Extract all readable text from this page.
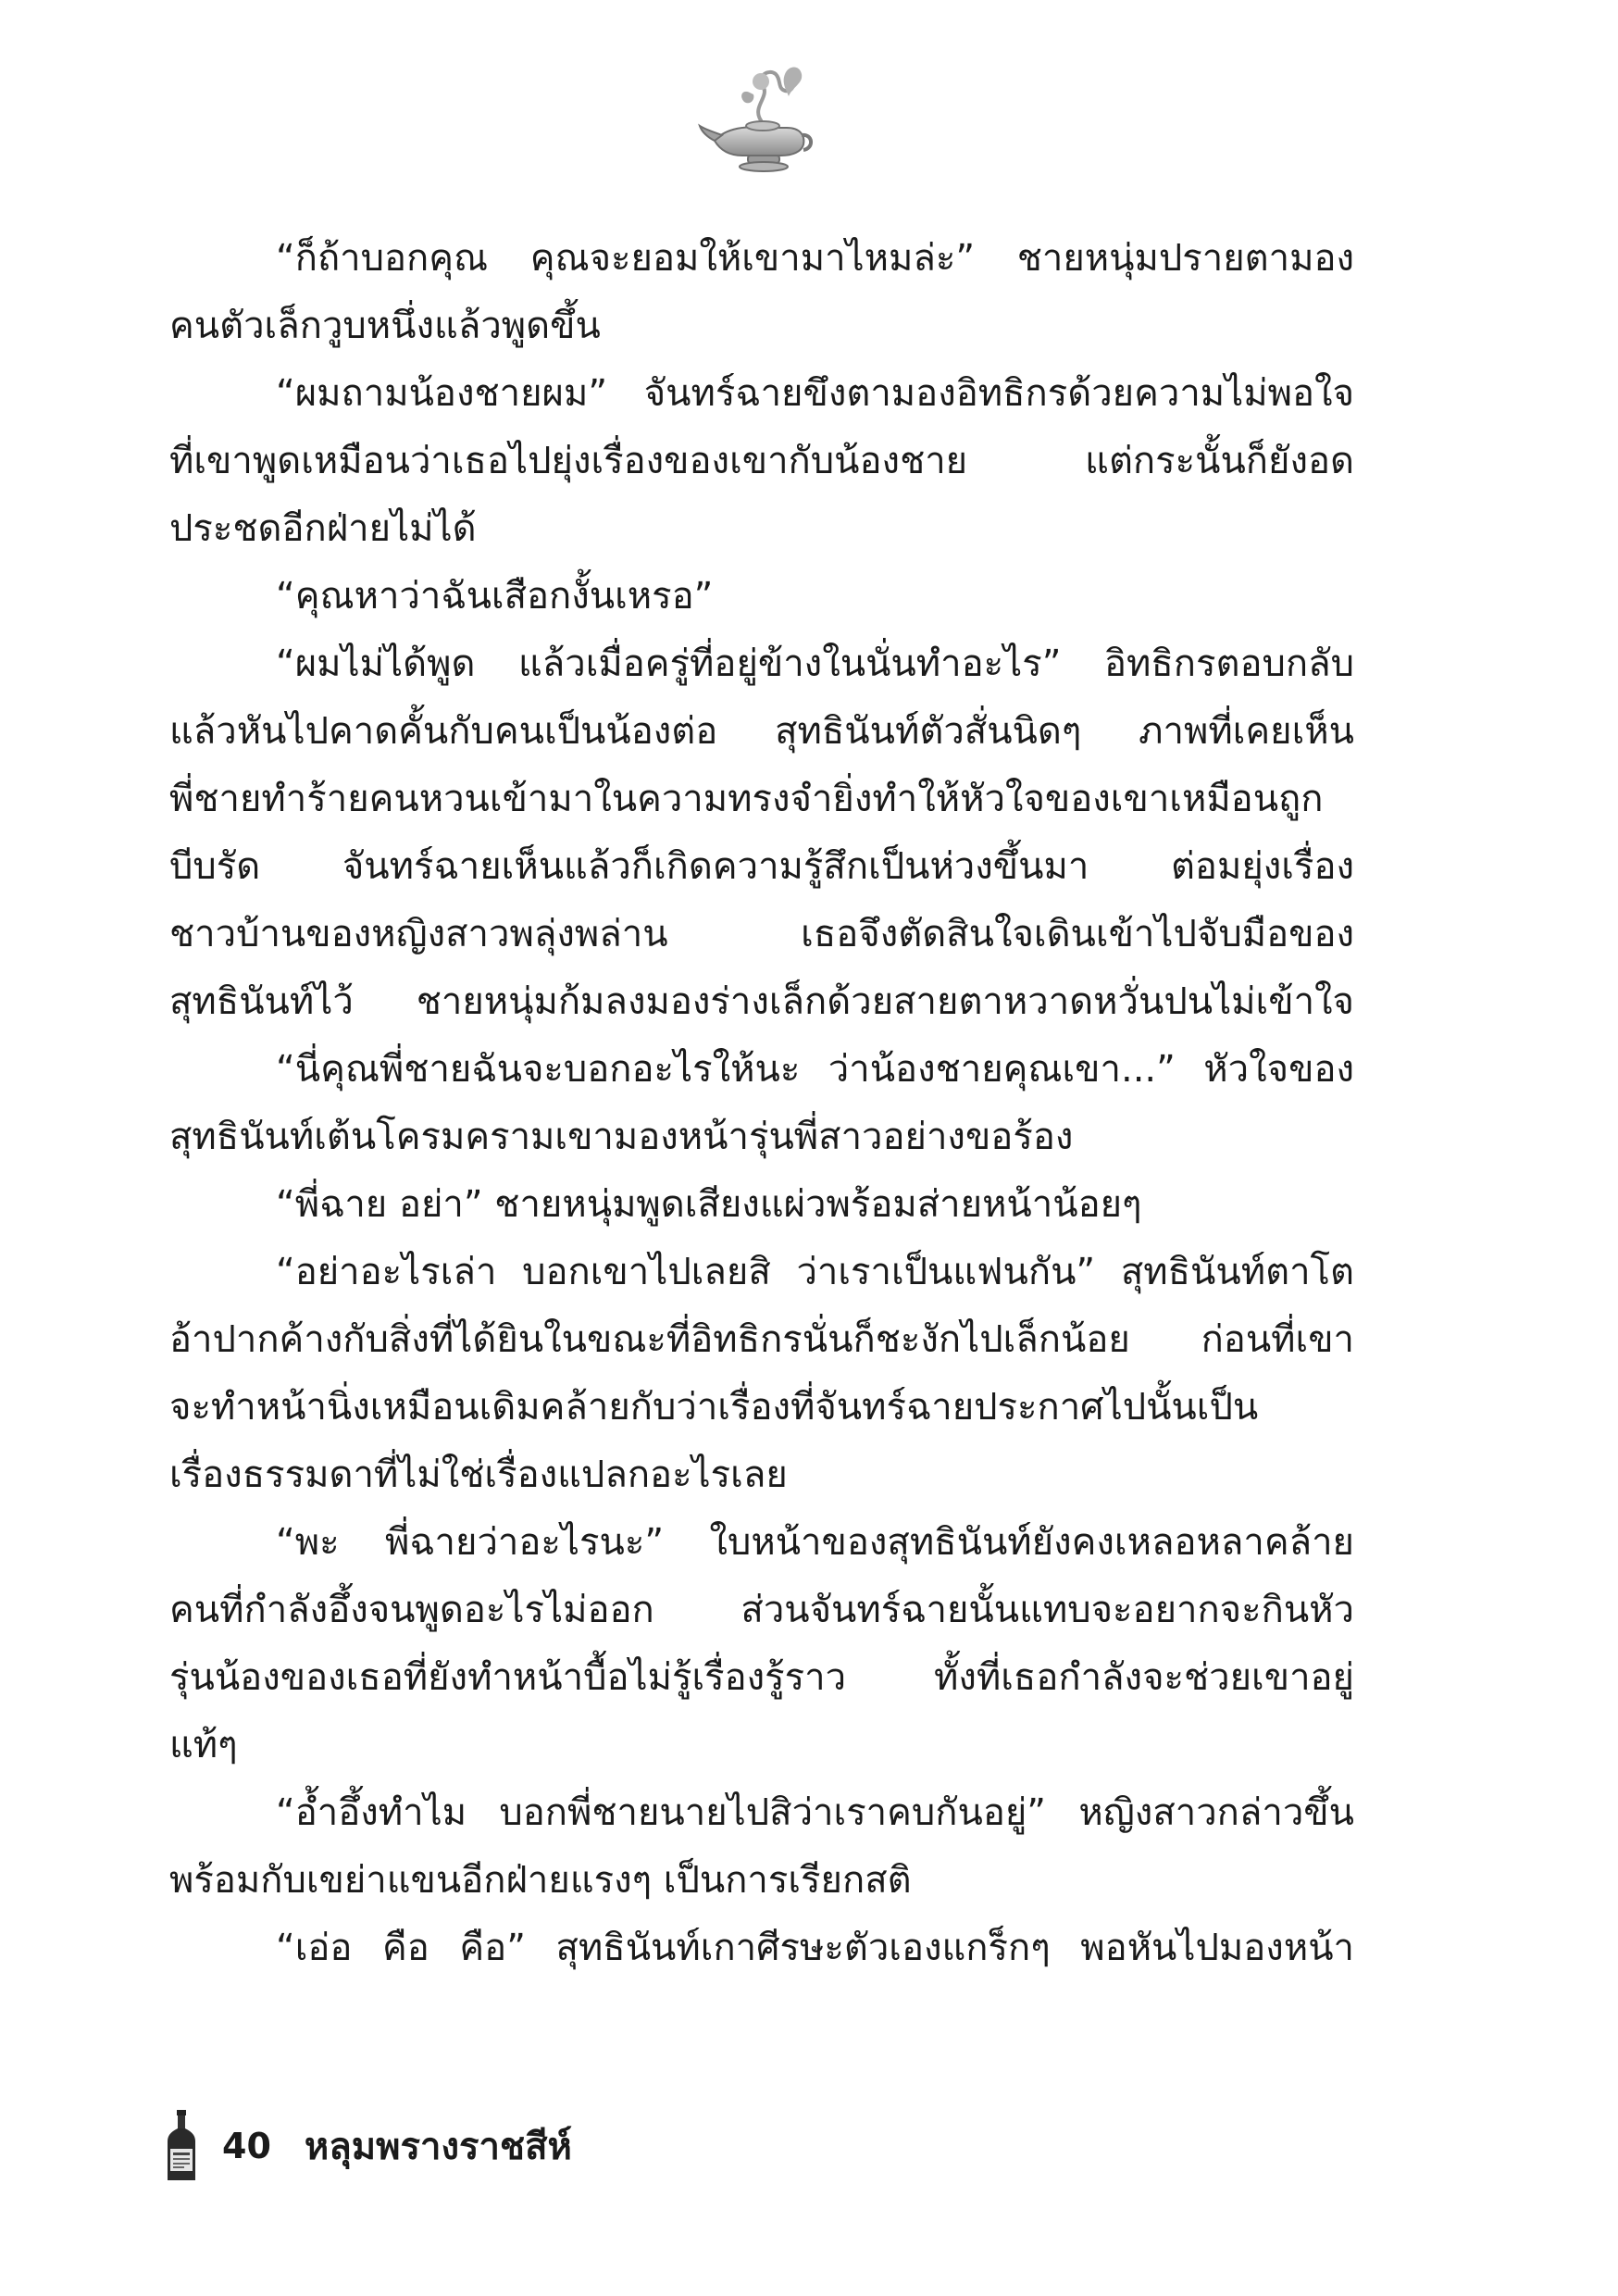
“ก็ถ้าบอกคุณ คุณจะยอมให้เขามาไหมล่ะ” ชายหนุ่มปรายตามอง
คนตัวเล็กวูบหนึ่งแล้วพูดขึ้น
“ผมถามน้องชายผม” จันทร์ฉายขึงตามองอิทธิกรด้วยความไม่พอใจ
ที่เขาพูดเหมือนว่าเธอไปยุ่งเรื่องของเขากับน้องชาย แต่กระนั้นก็ยังอด
ประชดอีกฝ่ายไม่ได้
“คุณหาว่าฉันเสือกงั้นเหรอ”
“ผมไม่ได้พูด แล้วเมื่อครู่ที่อยู่ข้างในนั่นทำอะไร” อิทธิกรตอบกลับ
แล้วหันไปคาดคั้นกับคนเป็นน้องต่อ สุทธินันท์ตัวสั่นนิดๆ ภาพที่เคยเห็น
พี่ชายทำร้ายคนหวนเข้ามาในความทรงจำยิ่งทำให้หัวใจของเขาเหมือนถูก
บีบรัด จันทร์ฉายเห็นแล้วก็เกิดความรู้สึกเป็นห่วงขึ้นมา ต่อมยุ่งเรื่อง
ชาวบ้านของหญิงสาวพลุ่งพล่าน เธอจึงตัดสินใจเดินเข้าไปจับมือของ
สุทธินันท์ไว้ ชายหนุ่มก้มลงมองร่างเล็กด้วยสายตาหวาดหวั่นปนไม่เข้าใจ
“นี่คุณพี่ชายฉันจะบอกอะไรให้นะ ว่าน้องชายคุณเขา...” หัวใจของ
สุทธินันท์เต้นโครมครามเขามองหน้ารุ่นพี่สาวอย่างขอร้อง
“พี่ฉาย อย่า” ชายหนุ่มพูดเสียงแผ่วพร้อมส่ายหน้าน้อยๆ
“อย่าอะไรเล่า บอกเขาไปเลยสิ ว่าเราเป็นแฟนกัน” สุทธินันท์ตาโต
อ้าปากค้างกับสิ่งที่ได้ยินในขณะที่อิทธิกรนั่นก็ชะงักไปเล็กน้อย ก่อนที่เขา
จะทำหน้านิ่งเหมือนเดิมคล้ายกับว่าเรื่องที่จันทร์ฉายประกาศไปนั้นเป็น
เรื่องธรรมดาที่ไม่ใช่เรื่องแปลกอะไรเลย
“พะ พี่ฉายว่าอะไรนะ” ใบหน้าของสุทธินันท์ยังคงเหลอหลาคล้าย
คนที่กำลังอึ้งจนพูดอะไรไม่ออก ส่วนจันทร์ฉายนั้นแทบจะอยากจะกินหัว
รุ่นน้องของเธอที่ยังทำหน้าบื้อไม่รู้เรื่องรู้ราว ทั้งที่เธอกำลังจะช่วยเขาอยู่
แท้ๆ
“อ้ำอึ้งทำไม บอกพี่ชายนายไปสิว่าเราคบกันอยู่” หญิงสาวกล่าวขึ้น
พร้อมกับเขย่าแขนอีกฝ่ายแรงๆ เป็นการเรียกสติ
“เอ่อ คือ คือ” สุทธินันท์เกาศีรษะตัวเองแกร็กๆ พอหันไปมองหน้า
40 หลุมพรางราชสีห์
